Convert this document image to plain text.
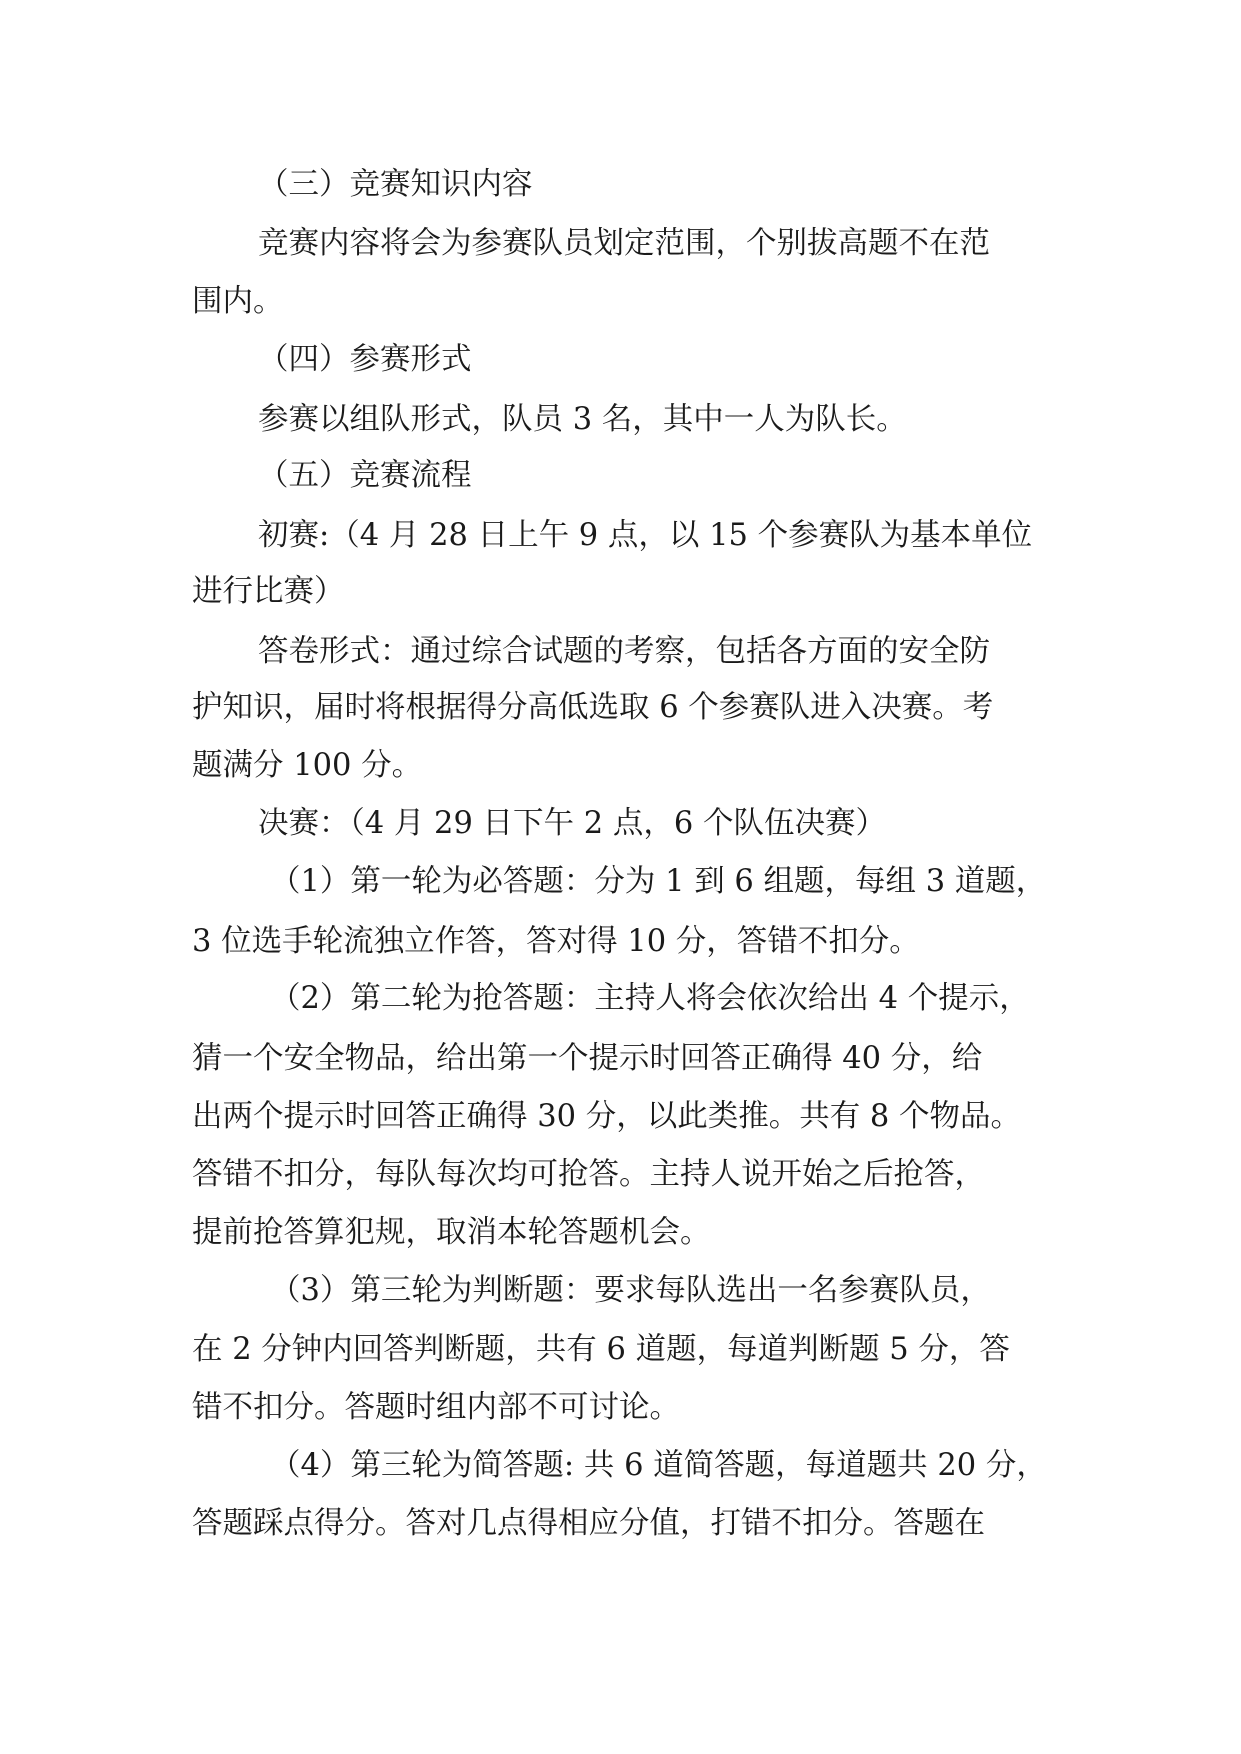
（三）竞赛知识内容
竞赛内容将会为参赛队员划定范围，个别拔高题不在范
围内。
（四）参赛形式
参赛以组队形式，队员 3 名，其中一人为队长。
（五）竞赛流程
初赛:（4 月 28 日上午 9 点，以 15 个参赛队为基本单位
进行比赛）
答卷形式：通过综合试题的考察，包括各方面的安全防
护知识，届时将根据得分高低选取 6 个参赛队进入决赛。考
题满分 100 分。
决赛：（4 月 29 日下午 2 点，6 个队伍决赛）
（1）第一轮为必答题：分为 1 到 6 组题，每组 3 道题，
3 位选手轮流独立作答，答对得 10 分，答错不扣分。
（2）第二轮为抢答题：主持人将会依次给出 4 个提示，
猜一个安全物品，给出第一个提示时回答正确得 40 分，给
出两个提示时回答正确得 30 分，以此类推。共有 8 个物品。
答错不扣分，每队每次均可抢答。主持人说开始之后抢答，
提前抢答算犯规，取消本轮答题机会。
（3）第三轮为判断题：要求每队选出一名参赛队员，
在 2 分钟内回答判断题，共有 6 道题，每道判断题 5 分，答
错不扣分。答题时组内部不可讨论。
（4）第三轮为简答题: 共 6 道简答题，每道题共 20 分，
答题踩点得分。答对几点得相应分值，打错不扣分。答题在
